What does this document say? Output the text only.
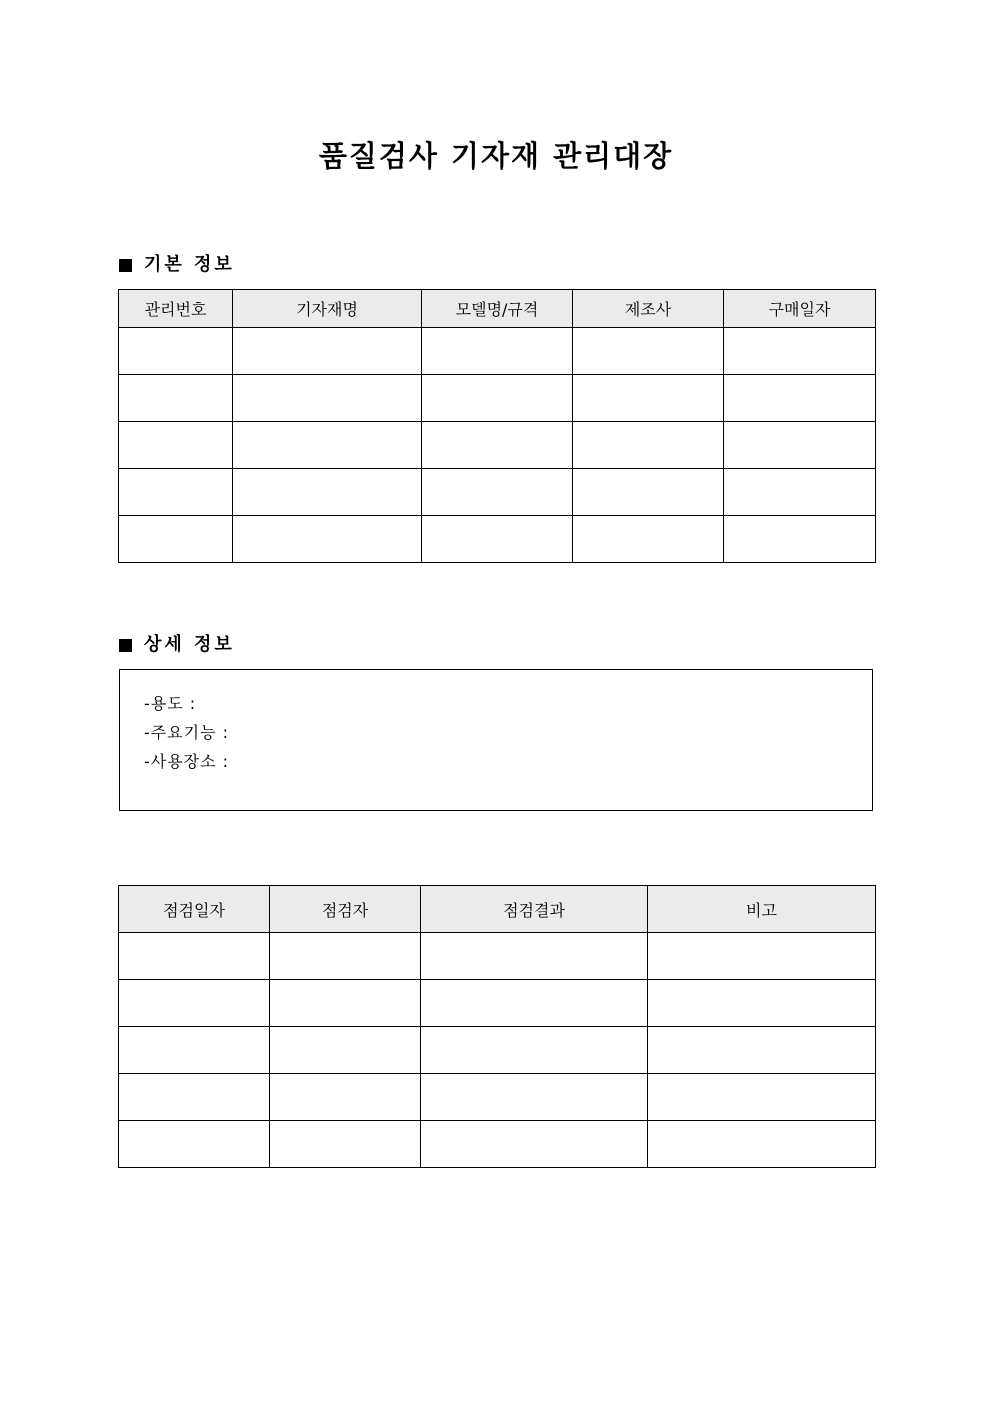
품질검사 기자재 관리대장
기본 정보
관리번호	기자재명	모델명/규격	제조사	구매일자

상세 정보
-용도 :
-주요기능 :
-사용장소 :
점검일자	점검자	점검결과	비고
